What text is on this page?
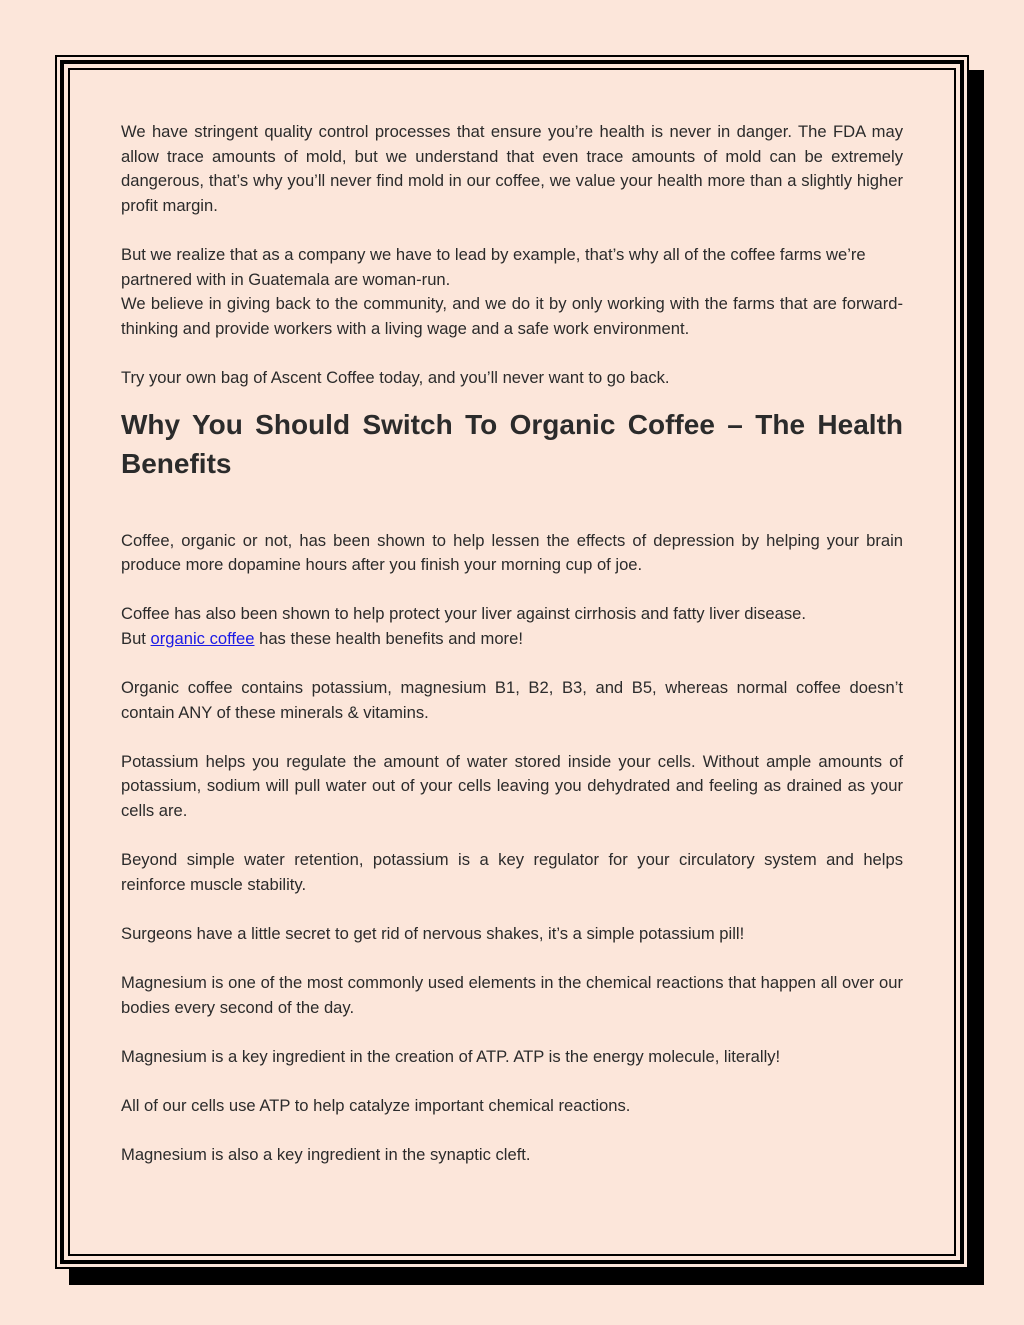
We have stringent quality control processes that ensure you’re health is never in danger. The FDA may allow trace amounts of mold, but we understand that even trace amounts of mold can be extremely dangerous, that’s why you’ll never find mold in our coffee, we value your health more than a slightly higher profit margin.

But we realize that as a company we have to lead by example, that’s why all of the coffee farms we’re partnered with in Guatemala are woman-run.

We believe in giving back to the community, and we do it by only working with the farms that are forward-thinking and provide workers with a living wage and a safe work environment.

Try your own bag of Ascent Coffee today, and you’ll never want to go back.

Why You Should Switch To Organic Coffee – The Health Benefits

Coffee, organic or not, has been shown to help lessen the effects of depression by helping your brain produce more dopamine hours after you finish your morning cup of joe.

Coffee has also been shown to help protect your liver against cirrhosis and fatty liver disease.

But organic coffee has these health benefits and more!

Organic coffee contains potassium, magnesium B1, B2, B3, and B5, whereas normal coffee doesn’t contain ANY of these minerals & vitamins.

Potassium helps you regulate the amount of water stored inside your cells. Without ample amounts of potassium, sodium will pull water out of your cells leaving you dehydrated and feeling as drained as your cells are.

Beyond simple water retention, potassium is a key regulator for your circulatory system and helps reinforce muscle stability.

Surgeons have a little secret to get rid of nervous shakes, it’s a simple potassium pill!

Magnesium is one of the most commonly used elements in the chemical reactions that happen all over our bodies every second of the day.

Magnesium is a key ingredient in the creation of ATP. ATP is the energy molecule, literally!

All of our cells use ATP to help catalyze important chemical reactions.

Magnesium is also a key ingredient in the synaptic cleft.
